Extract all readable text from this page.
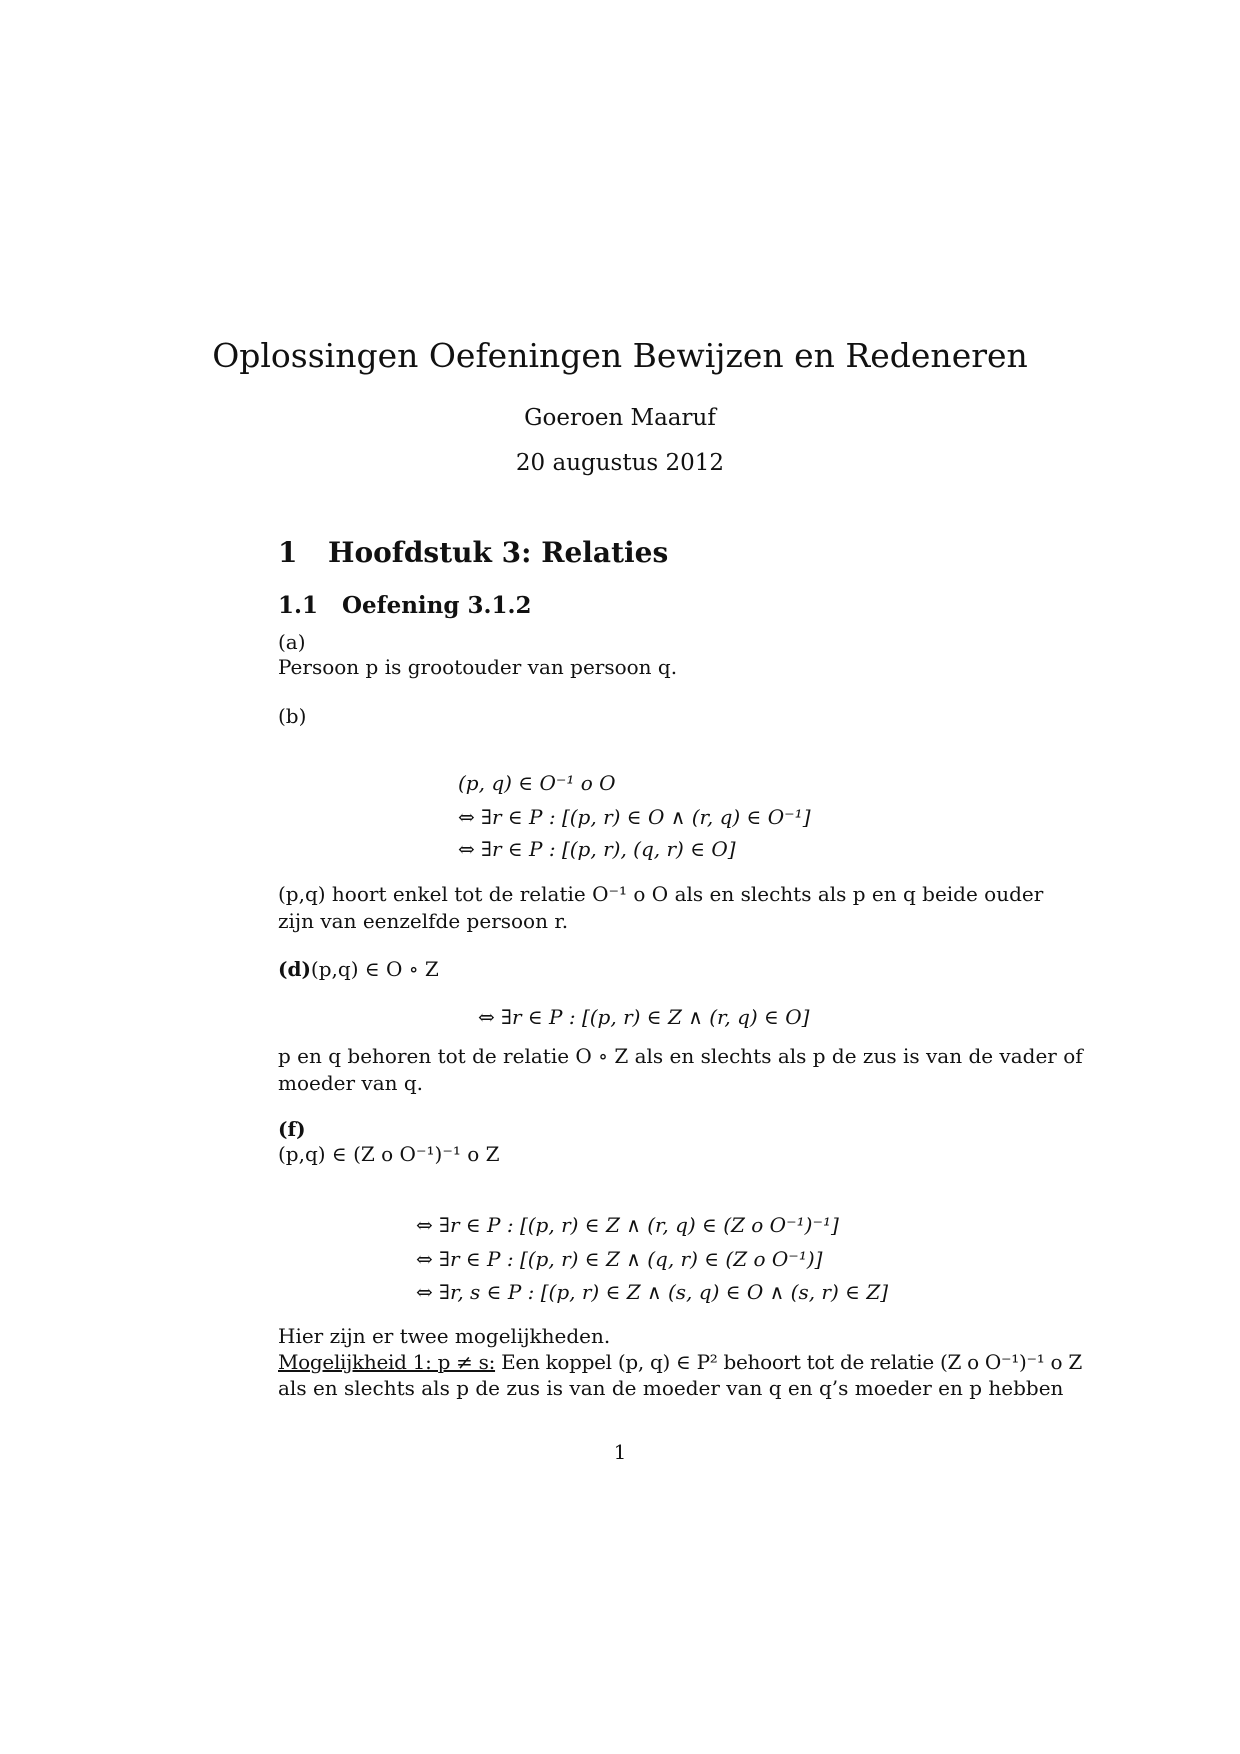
Oplossingen Oefeningen Bewijzen en Redeneren
Goeroen Maaruf
20 augustus 2012
1 Hoofdstuk 3: Relaties
1.1 Oefening 3.1.2
(a)
Persoon p is grootouder van persoon q.
(b)
(p, q) ∈ O⁻¹ o O
⇔ ∃r ∈ P : [(p, r) ∈ O ∧ (r, q) ∈ O⁻¹]
⇔ ∃r ∈ P : [(p, r), (q, r) ∈ O]
(p,q) hoort enkel tot de relatie O⁻¹ o O als en slechts als p en q beide ouder
zijn van eenzelfde persoon r.
(d)(p,q) ∈ O ∘ Z
⇔ ∃r ∈ P : [(p, r) ∈ Z ∧ (r, q) ∈ O]
p en q behoren tot de relatie O ∘ Z als en slechts als p de zus is van de vader of
moeder van q.
(f)
(p,q) ∈ (Z o O⁻¹)⁻¹ o Z
⇔ ∃r ∈ P : [(p, r) ∈ Z ∧ (r, q) ∈ (Z o O⁻¹)⁻¹]
⇔ ∃r ∈ P : [(p, r) ∈ Z ∧ (q, r) ∈ (Z o O⁻¹)]
⇔ ∃r, s ∈ P : [(p, r) ∈ Z ∧ (s, q) ∈ O ∧ (s, r) ∈ Z]
Hier zijn er twee mogelijkheden.
Mogelijkheid 1: p ≠ s: Een koppel (p, q) ∈ P² behoort tot de relatie (Z o O⁻¹)⁻¹ o Z
als en slechts als p de zus is van de moeder van q en q’s moeder en p hebben
1
